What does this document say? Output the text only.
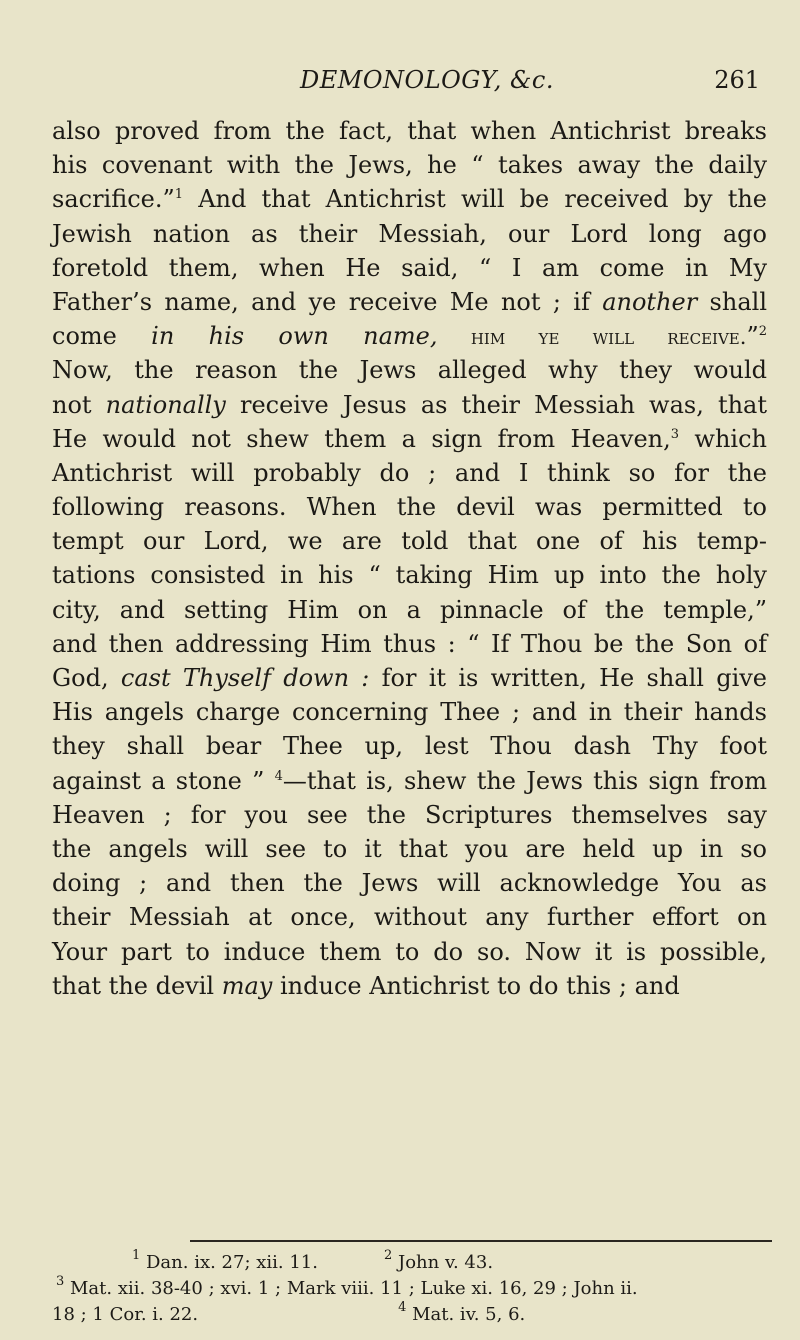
DEMONOLOGY, &c.	261
also proved from the fact, that when Antichrist breaks
his covenant with the Jews, he “ takes away the daily
sacrifice.”$^1$ And that Antichrist will be received by the
Jewish nation as their Messiah, our Lord long ago
foretold them, when He said, “ I am come in My
Father’s name, and ye receive Me not ; if another shall
come in his own name, him ye will receive.”$^2$
Now, the reason the Jews alleged why they would
not nationally receive Jesus as their Messiah was, that
He would not shew them a sign from Heaven,$^3$ which
Antichrist will probably do ; and I think so for the
following reasons. When the devil was permitted to
tempt our Lord, we are told that one of his temp-
tations consisted in his “ taking Him up into the holy
city, and setting Him on a pinnacle of the temple,”
and then addressing Him thus : “ If Thou be the Son of
God, cast Thyself down : for it is written, He shall give
His angels charge concerning Thee ; and in their hands
they shall bear Thee up, lest Thou dash Thy foot
against a stone ” $^4$—that is, shew the Jews this sign from
Heaven ; for you see the Scriptures themselves say
the angels will see to it that you are held up in so
doing ; and then the Jews will acknowledge You as
their Messiah at once, without any further effort on
Your part to induce them to do so. Now it is possible,
that the devil may induce Antichrist to do this ; and
$^1$ Dan. ix. 27; xii. 11.	$^2$ John v. 43.
$^3$ Mat. xii. 38-40 ; xvi. 1 ; Mark viii. 11 ; Luke xi. 16, 29 ; John ii.
18 ; 1 Cor. i. 22.	$^4$ Mat. iv. 5, 6.
